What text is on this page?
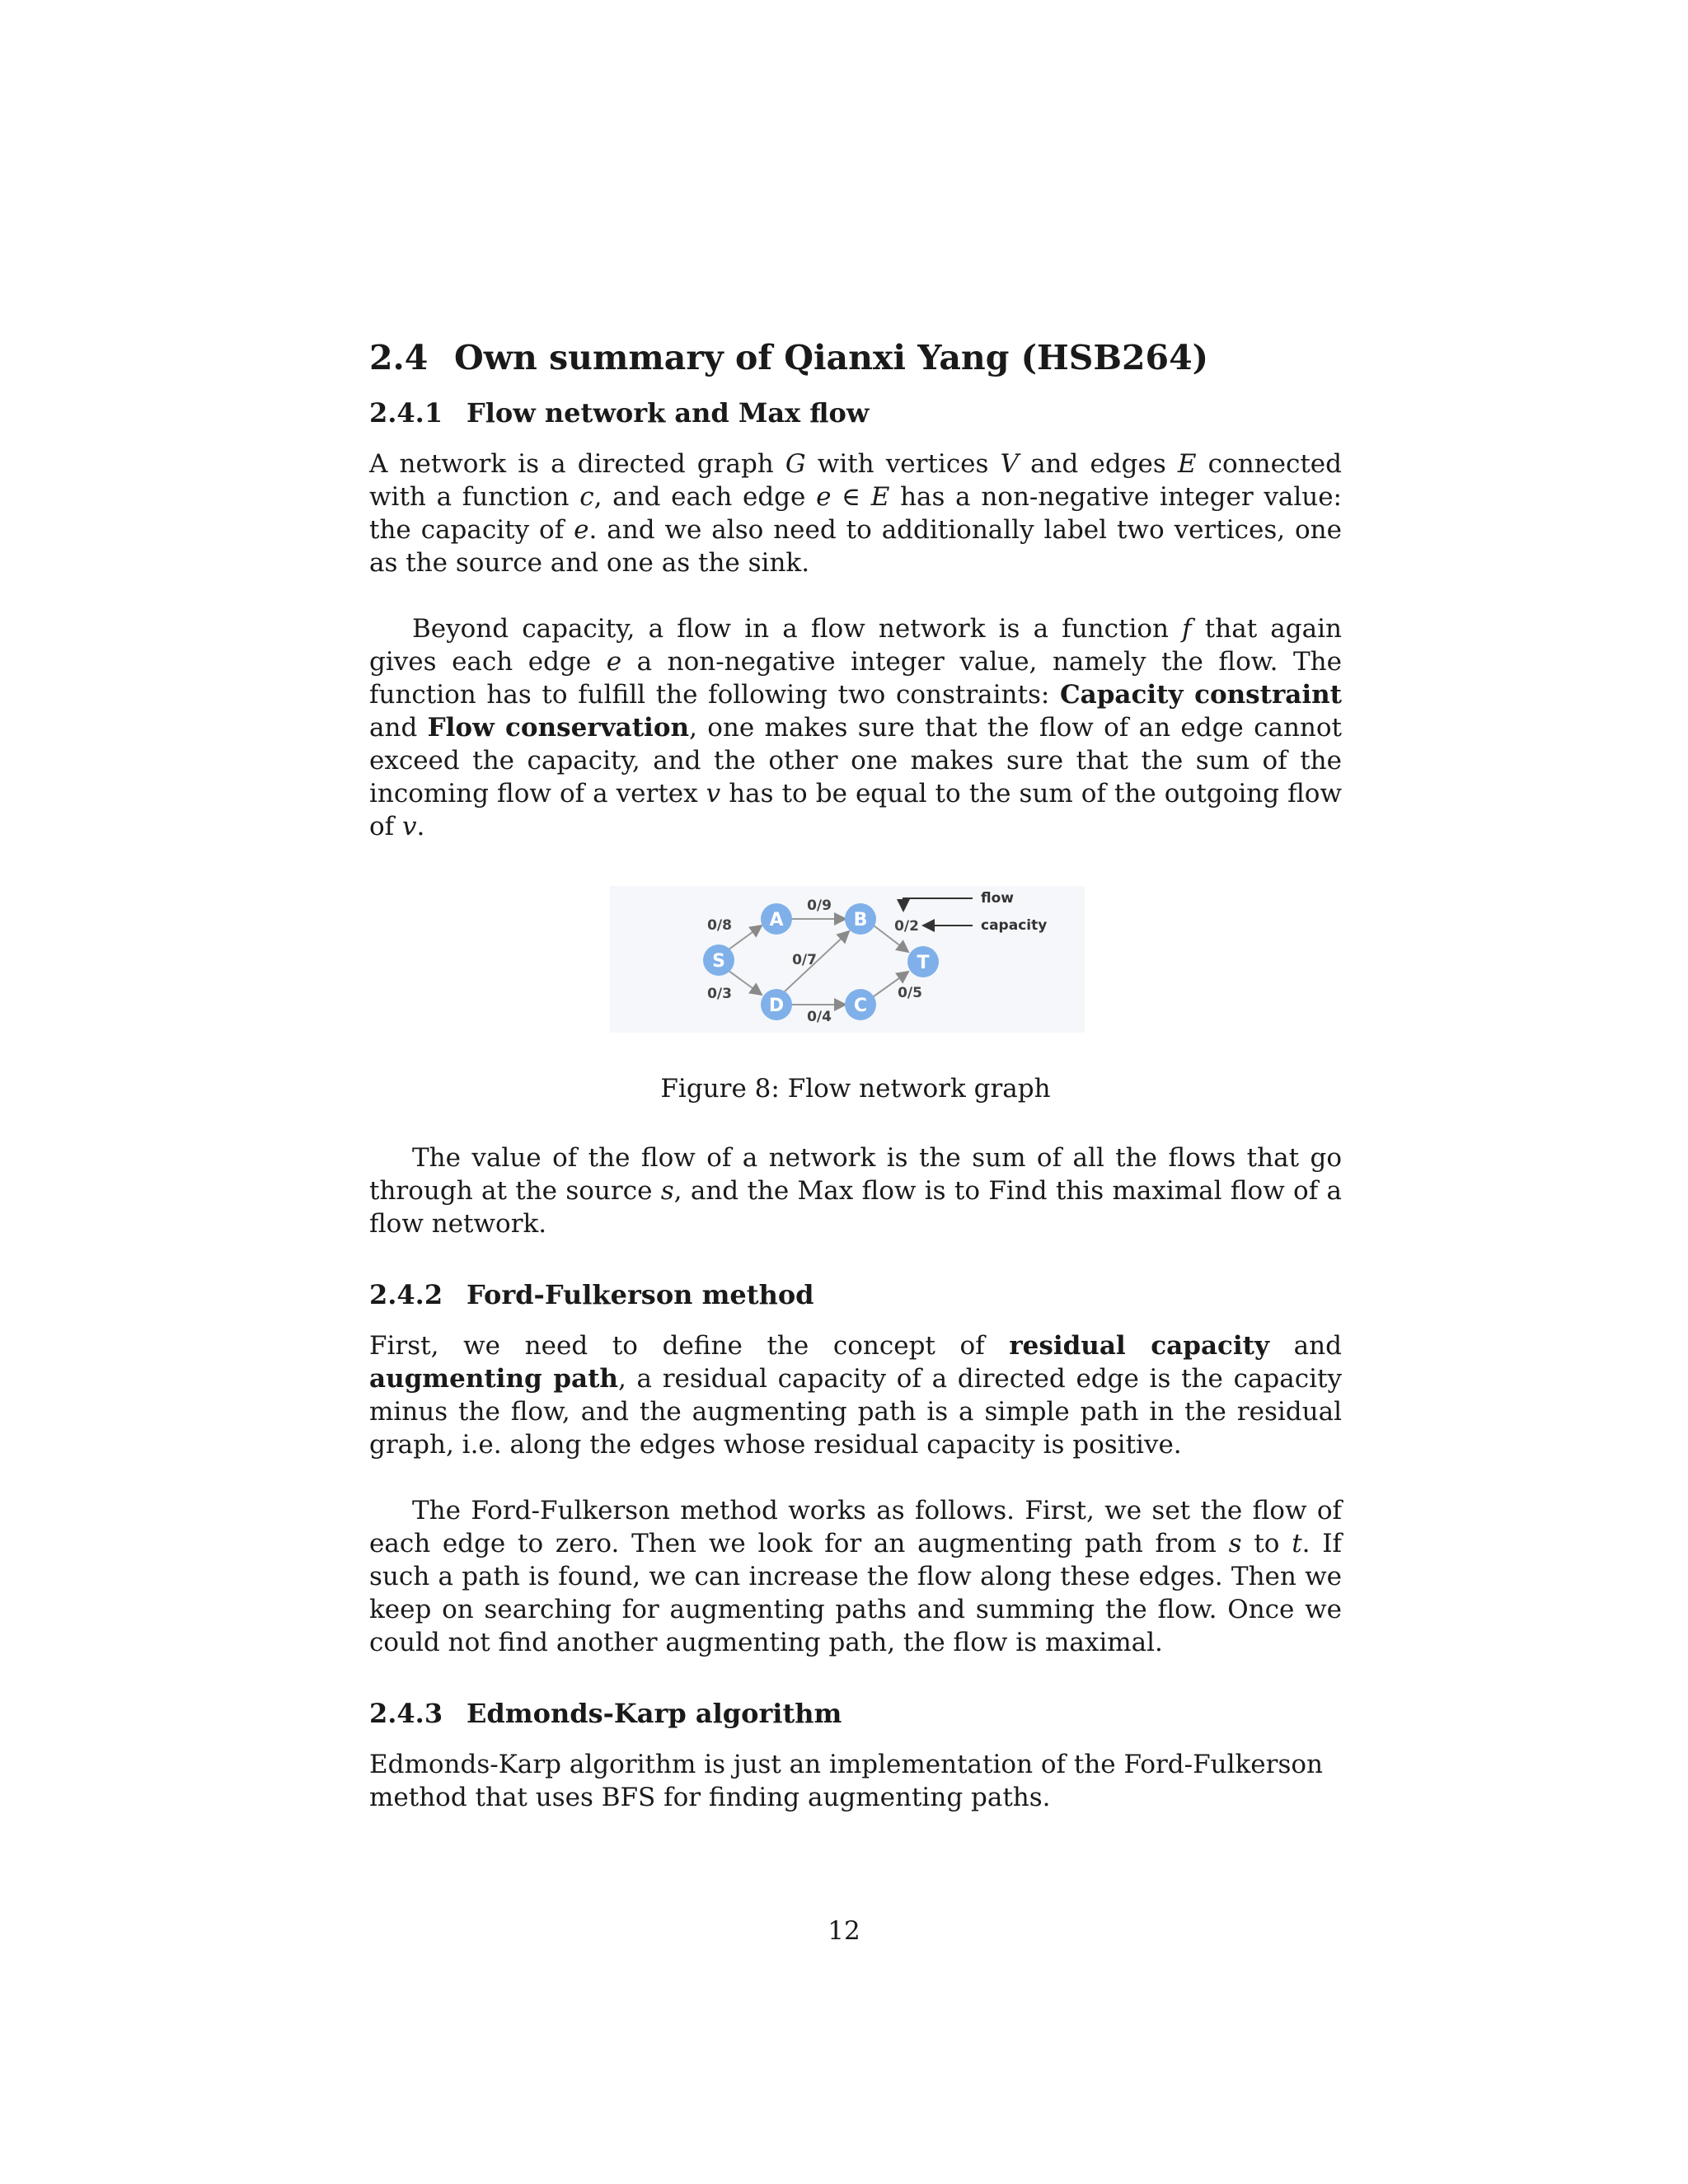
2.4 Own summary of Qianxi Yang (HSB264)
2.4.1 Flow network and Max flow

A network is a directed graph G with vertices V and edges E connected with a function c, and each edge e ∈ E has a non-negative integer value: the capacity of e. and we also need to additionally label two vertices, one as the source and one as the sink.

Beyond capacity, a flow in a flow network is a function f that again gives each edge e a non-negative integer value, namely the flow. The function has to fulfill the following two constraints: Capacity constraint and Flow conservation, one makes sure that the flow of an edge cannot exceed the capacity, and the other one makes sure that the sum of the incoming flow of a vertex v has to be equal to the sum of the outgoing flow of v.

flow
capacity
0/8
0/3
0/9
0/7
0/4
0/2
0/5
S
A	B
D	C
T
Figure 8: Flow network graph

The value of the flow of a network is the sum of all the flows that go through at the source s, and the Max flow is to Find this maximal flow of a flow network.

2.4.2 Ford-Fulkerson method

First, we need to define the concept of residual capacity and augmenting path, a residual capacity of a directed edge is the capacity minus the flow, and the augmenting path is a simple path in the residual graph, i.e. along the edges whose residual capacity is positive.

The Ford-Fulkerson method works as follows. First, we set the flow of each edge to zero. Then we look for an augmenting path from s to t. If such a path is found, we can increase the flow along these edges. Then we keep on searching for augmenting paths and summing the flow. Once we could not find another augmenting path, the flow is maximal.

2.4.3 Edmonds-Karp algorithm

Edmonds-Karp algorithm is just an implementation of the Ford-Fulkerson method that uses BFS for finding augmenting paths.

12
